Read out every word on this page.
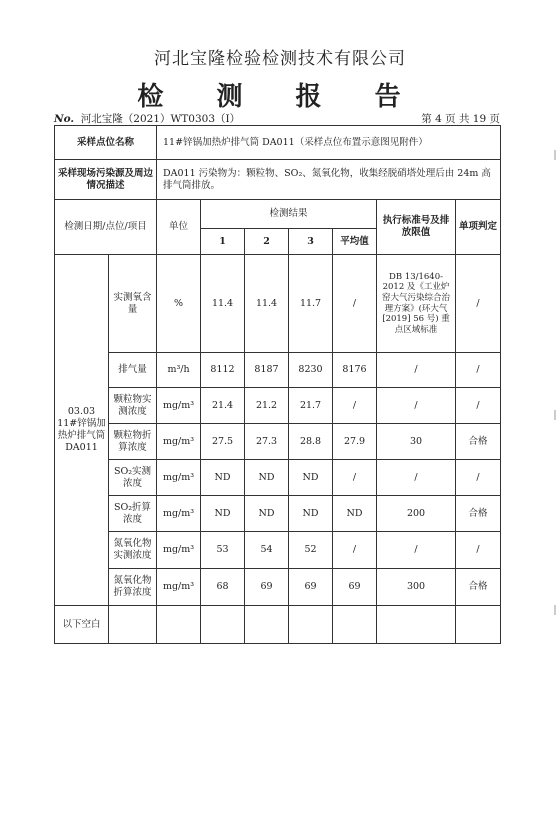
河北宝隆检验检测技术有限公司
检 测 报 告
No. 河北宝隆（2021）WT0303（Ⅰ）	第 4 页 共 19 页
采样点位名称		11#锌锅加热炉排气筒 DA011（采样点位布置示意图见附件）						
采样现场污染源及周边情况描述		DA011 污染物为：颗粒物、SO₂、氮氧化物，收集经脱硝塔处理后由 24m 高排气筒排放。						
检测日期/点位/项目		单位	检测结果				执行标准号及排放限值	单项判定
			1	2	3	平均值		
03.03 11#锌锅加热炉排气筒 DA011	实测氧含量	%	11.4	11.4	11.7	/	DB 13/1640-2012 及《工业炉窑大气污染综合治理方案》(环大气[2019] 56 号) 重点区域标准	/
	排气量	m³/h	8112	8187	8230	8176	/	/
	颗粒物实测浓度	mg/m³	21.4	21.2	21.7	/	/	/
	颗粒物折算浓度	mg/m³	27.5	27.3	28.8	27.9	30	合格
	SO₂实测浓度	mg/m³	ND	ND	ND	/	/	/
	SO₂折算浓度	mg/m³	ND	ND	ND	ND	200	合格
	氮氧化物实测浓度	mg/m³	53	54	52	/	/	/
	氮氧化物折算浓度	mg/m³	68	69	69	69	300	合格
以下空白								
